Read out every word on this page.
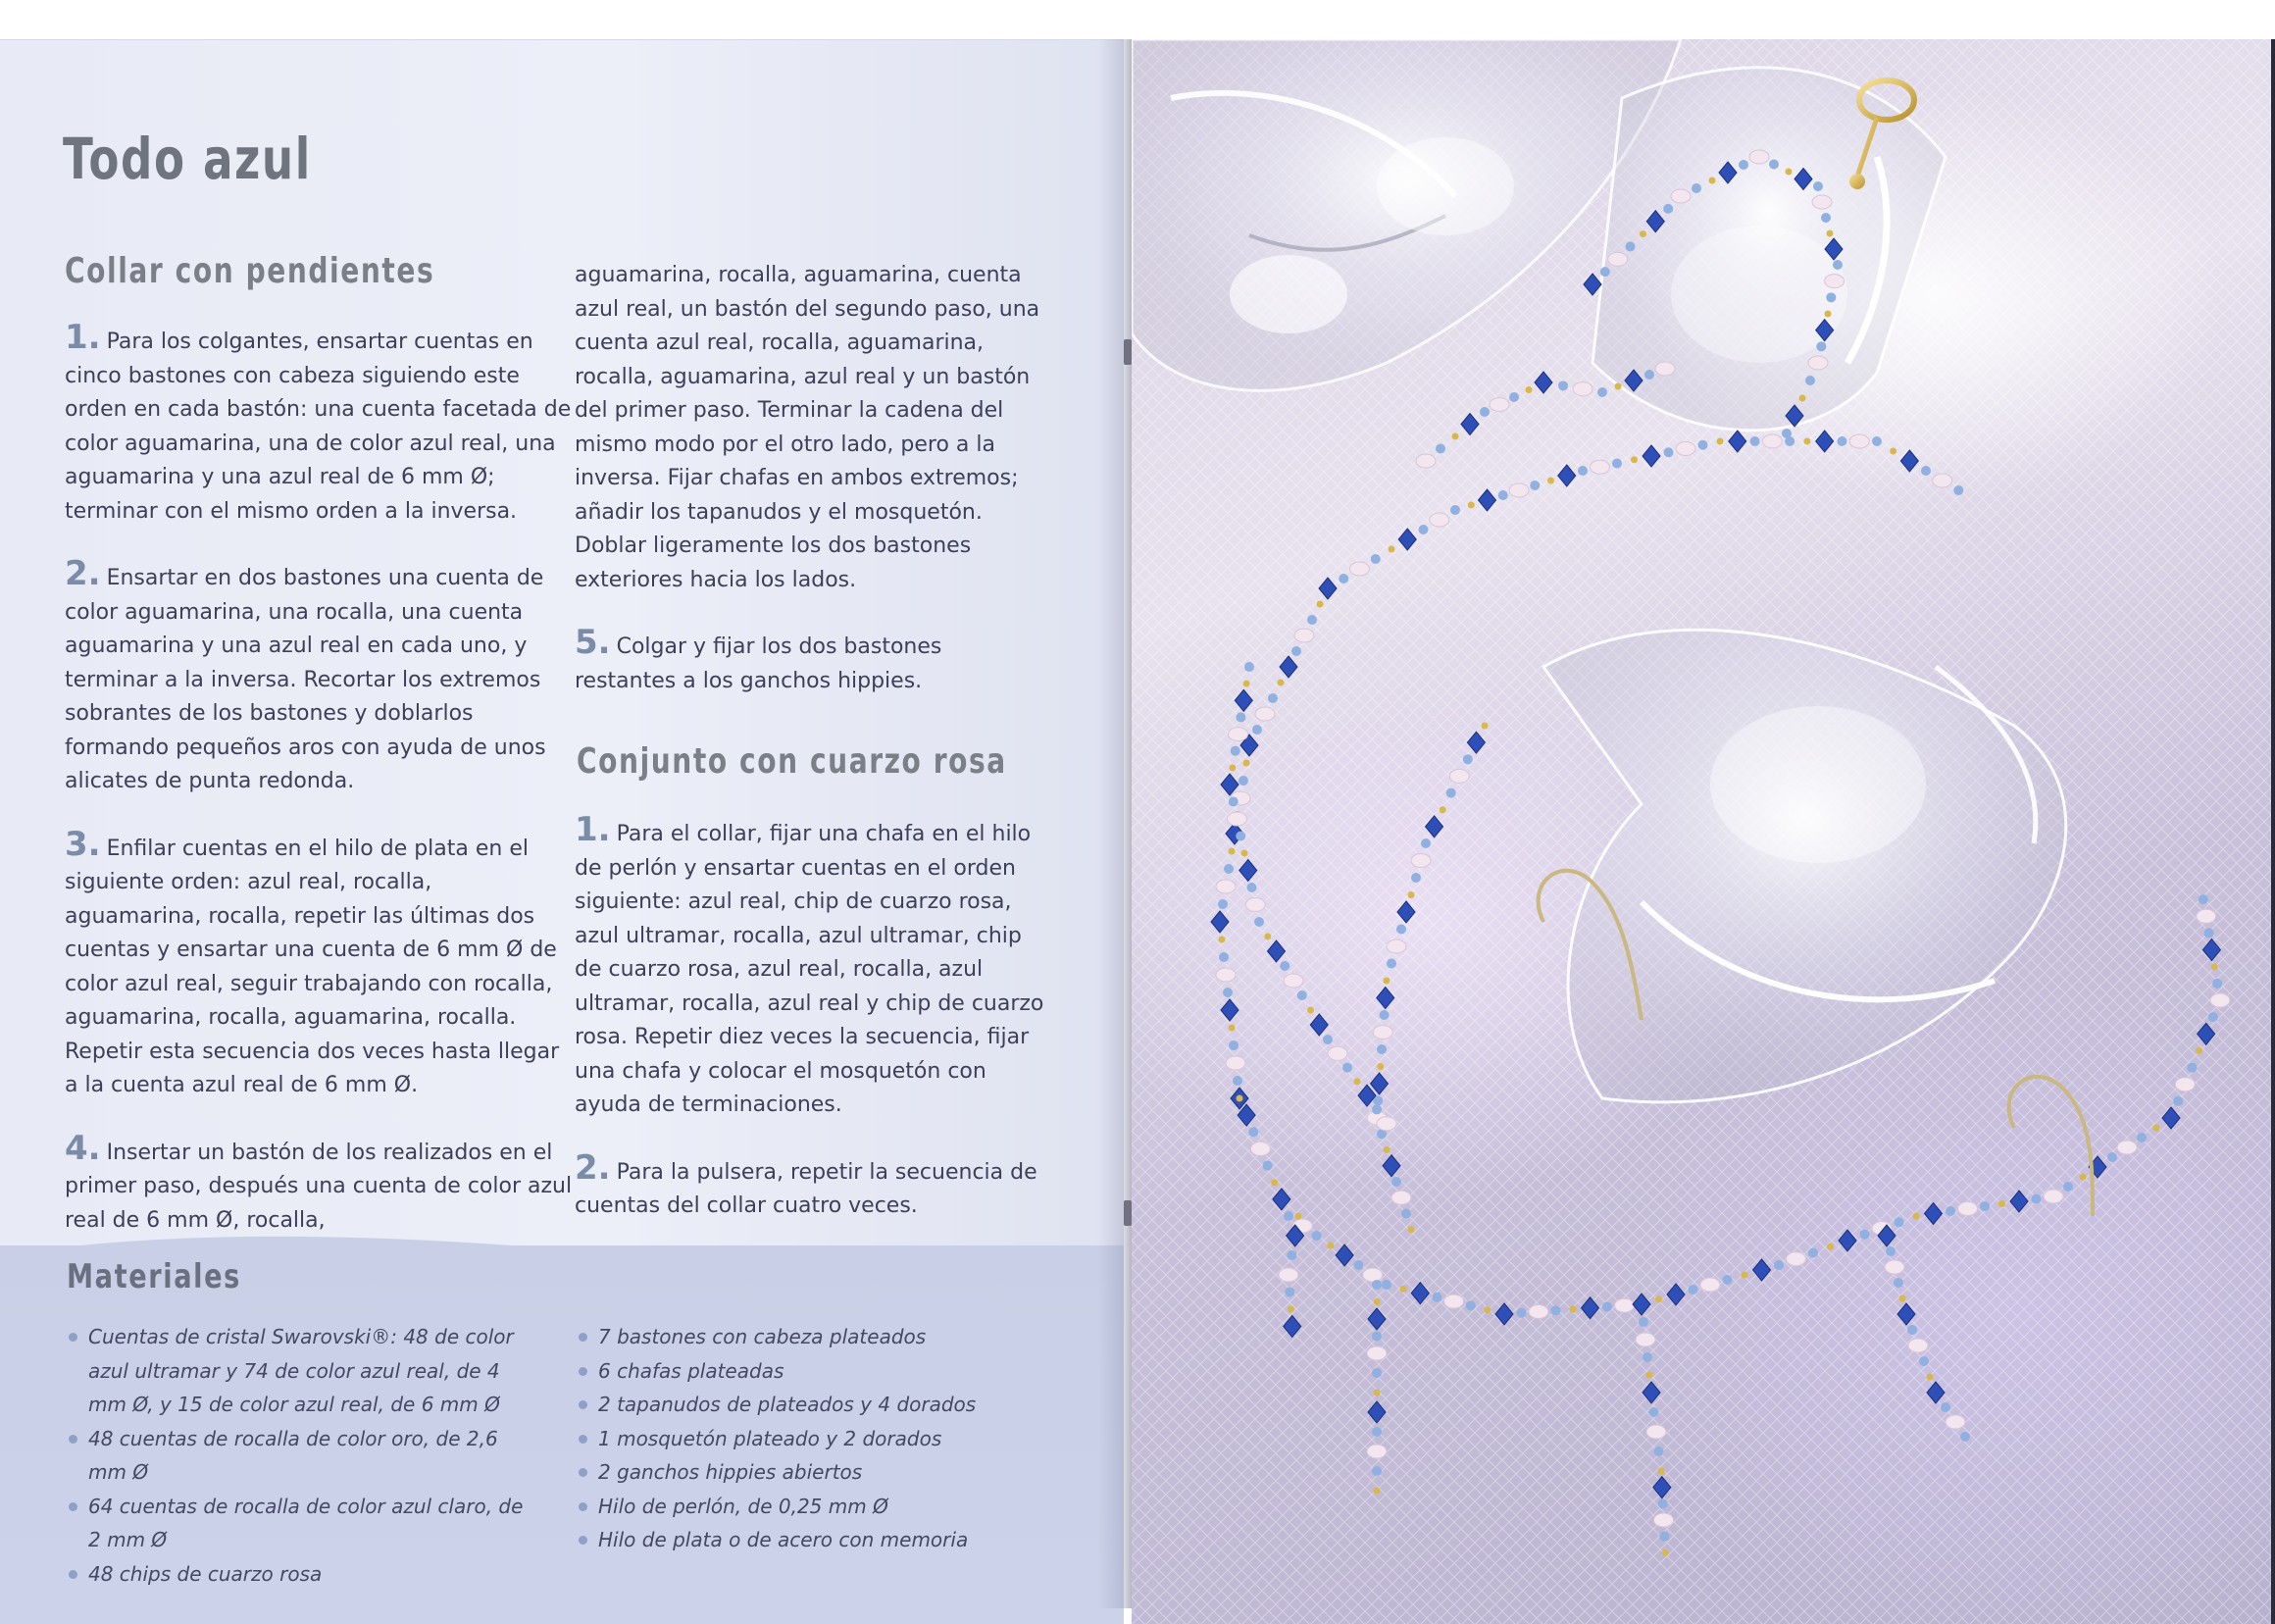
Todo azul
Collar con pendientes

1. Para los colgantes, ensartar cuentas en cinco bastones con cabeza siguiendo este orden en cada bastón: una cuenta facetada de color aguamarina, una de color azul real, una aguamarina y una azul real de 6 mm Ø; terminar con el mismo orden a la inversa.

2. Ensartar en dos bastones una cuenta de color aguamarina, una rocalla, una cuenta aguamarina y una azul real en cada uno, y terminar a la inversa. Recortar los extremos sobrantes de los bastones y doblarlos formando pequeños aros con ayuda de unos alicates de punta redonda.

3. Enfilar cuentas en el hilo de plata en el siguiente orden: azul real, rocalla, aguamarina, rocalla, repetir las últimas dos cuentas y ensartar una cuenta de 6 mm Ø de color azul real, seguir trabajando con rocalla, aguamarina, rocalla, aguamarina, rocalla. Repetir esta secuencia dos veces hasta llegar a la cuenta azul real de 6 mm Ø.

4. Insertar un bastón de los realizados en el primer paso, después una cuenta de color azul real de 6 mm Ø, rocalla,

aguamarina, rocalla, aguamarina, cuenta azul real, un bastón del segundo paso, una cuenta azul real, rocalla, aguamarina, rocalla, aguamarina, azul real y un bastón del primer paso. Terminar la cadena del mismo modo por el otro lado, pero a la inversa. Fijar chafas en ambos extremos; añadir los tapanudos y el mosquetón. Doblar ligeramente los dos bastones exteriores hacia los lados.

5. Colgar y fijar los dos bastones restantes a los ganchos hippies.

Conjunto con cuarzo rosa

1. Para el collar, fijar una chafa en el hilo de perlón y ensartar cuentas en el orden siguiente: azul real, chip de cuarzo rosa, azul ultramar, rocalla, azul ultramar, chip de cuarzo rosa, azul real, rocalla, azul ultramar, rocalla, azul real y chip de cuarzo rosa. Repetir diez veces la secuencia, fijar una chafa y colocar el mosquetón con ayuda de terminaciones.

2. Para la pulsera, repetir la secuencia de cuentas del collar cuatro veces.

Materiales
Cuentas de cristal Swarovski®: 48 de color azul ultramar y 74 de color azul real, de 4 mm Ø, y 15 de color azul real, de 6 mm Ø
48 cuentas de rocalla de color oro, de 2,6 mm Ø
64 cuentas de rocalla de color azul claro, de 2 mm Ø
48 chips de cuarzo rosa
7 bastones con cabeza plateados
6 chafas plateadas
2 tapanudos de plateados y 4 dorados
1 mosquetón plateado y 2 dorados
2 ganchos hippies abiertos
Hilo de perlón, de 0,25 mm Ø
Hilo de plata o de acero con memoria
